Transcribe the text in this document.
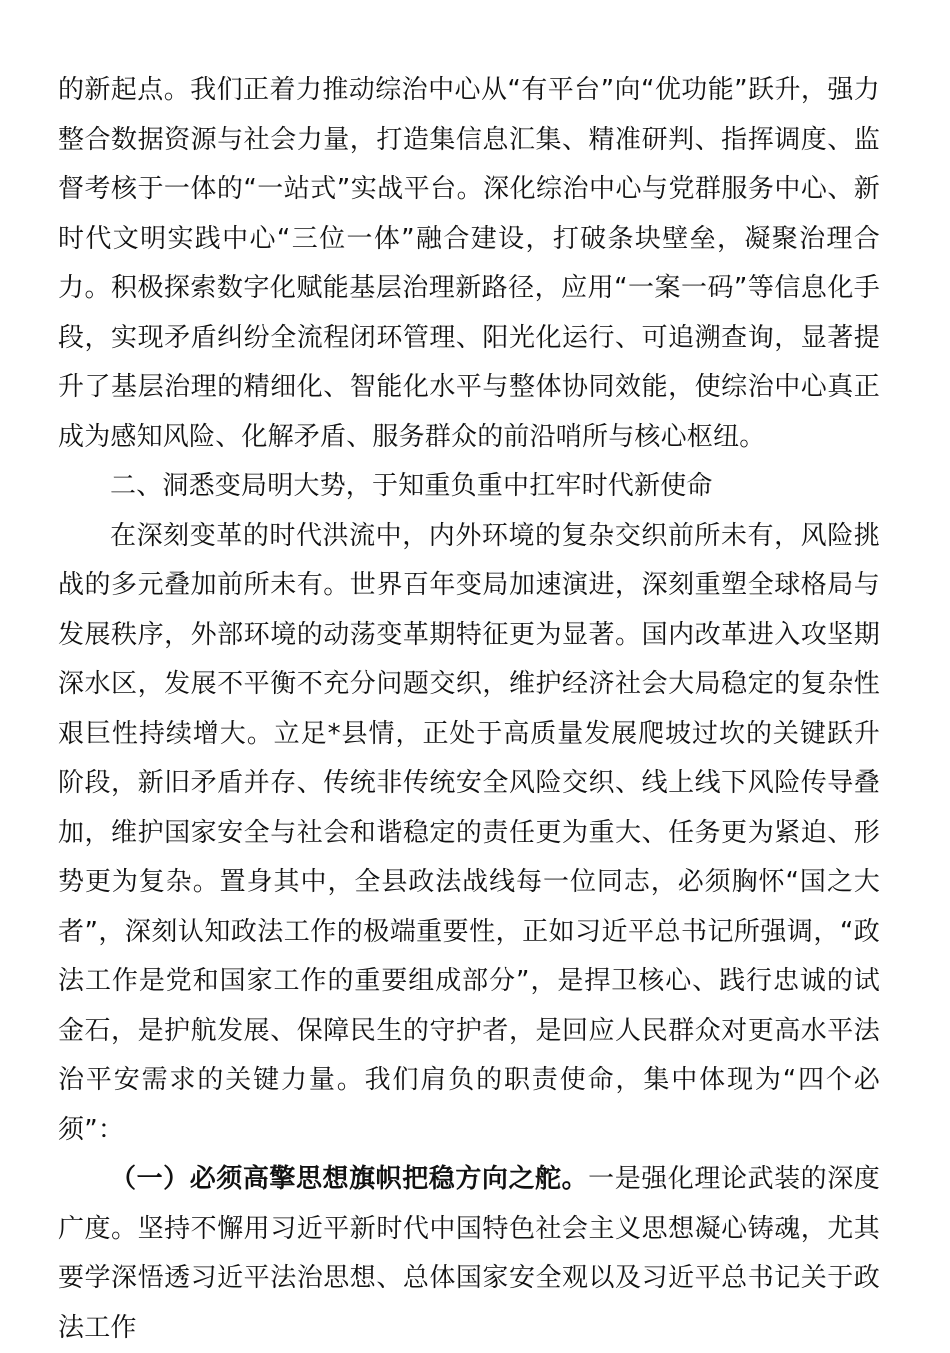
的新起点。我们正着力推动综治中心从“有平台”向“优功能”跃升，强力整合数据资源与社会力量，打造集信息汇集、精准研判、指挥调度、监督考核于一体的“一站式”实战平台。深化综治中心与党群服务中心、新时代文明实践中心“三位一体”融合建设，打破条块壁垒，凝聚治理合力。积极探索数字化赋能基层治理新路径，应用“一案一码”等信息化手段，实现矛盾纠纷全流程闭环管理、阳光化运行、可追溯查询，显著提升了基层治理的精细化、智能化水平与整体协同效能，使综治中心真正成为感知风险、化解矛盾、服务群众的前沿哨所与核心枢纽。

二、洞悉变局明大势，于知重负重中扛牢时代新使命

在深刻变革的时代洪流中，内外环境的复杂交织前所未有，风险挑战的多元叠加前所未有。世界百年变局加速演进，深刻重塑全球格局与发展秩序，外部环境的动荡变革期特征更为显著。国内改革进入攻坚期深水区，发展不平衡不充分问题交织，维护经济社会大局稳定的复杂性艰巨性持续增大。立足*县情，正处于高质量发展爬坡过坎的关键跃升阶段，新旧矛盾并存、传统非传统安全风险交织、线上线下风险传导叠加，维护国家安全与社会和谐稳定的责任更为重大、任务更为紧迫、形势更为复杂。置身其中，全县政法战线每一位同志，必须胸怀“国之大者”，深刻认知政法工作的极端重要性，正如习近平总书记所强调，“政法工作是党和国家工作的重要组成部分”，是捍卫核心、践行忠诚的试金石，是护航发展、保障民生的守护者，是回应人民群众对更高水平法治平安需求的关键力量。我们肩负的职责使命，集中体现为“四个必须”：

（一）必须高擎思想旗帜把稳方向之舵。一是强化理论武装的深度广度。坚持不懈用习近平新时代中国特色社会主义思想凝心铸魂，尤其要学深悟透习近平法治思想、总体国家安全观以及习近平总书记关于政法工作
